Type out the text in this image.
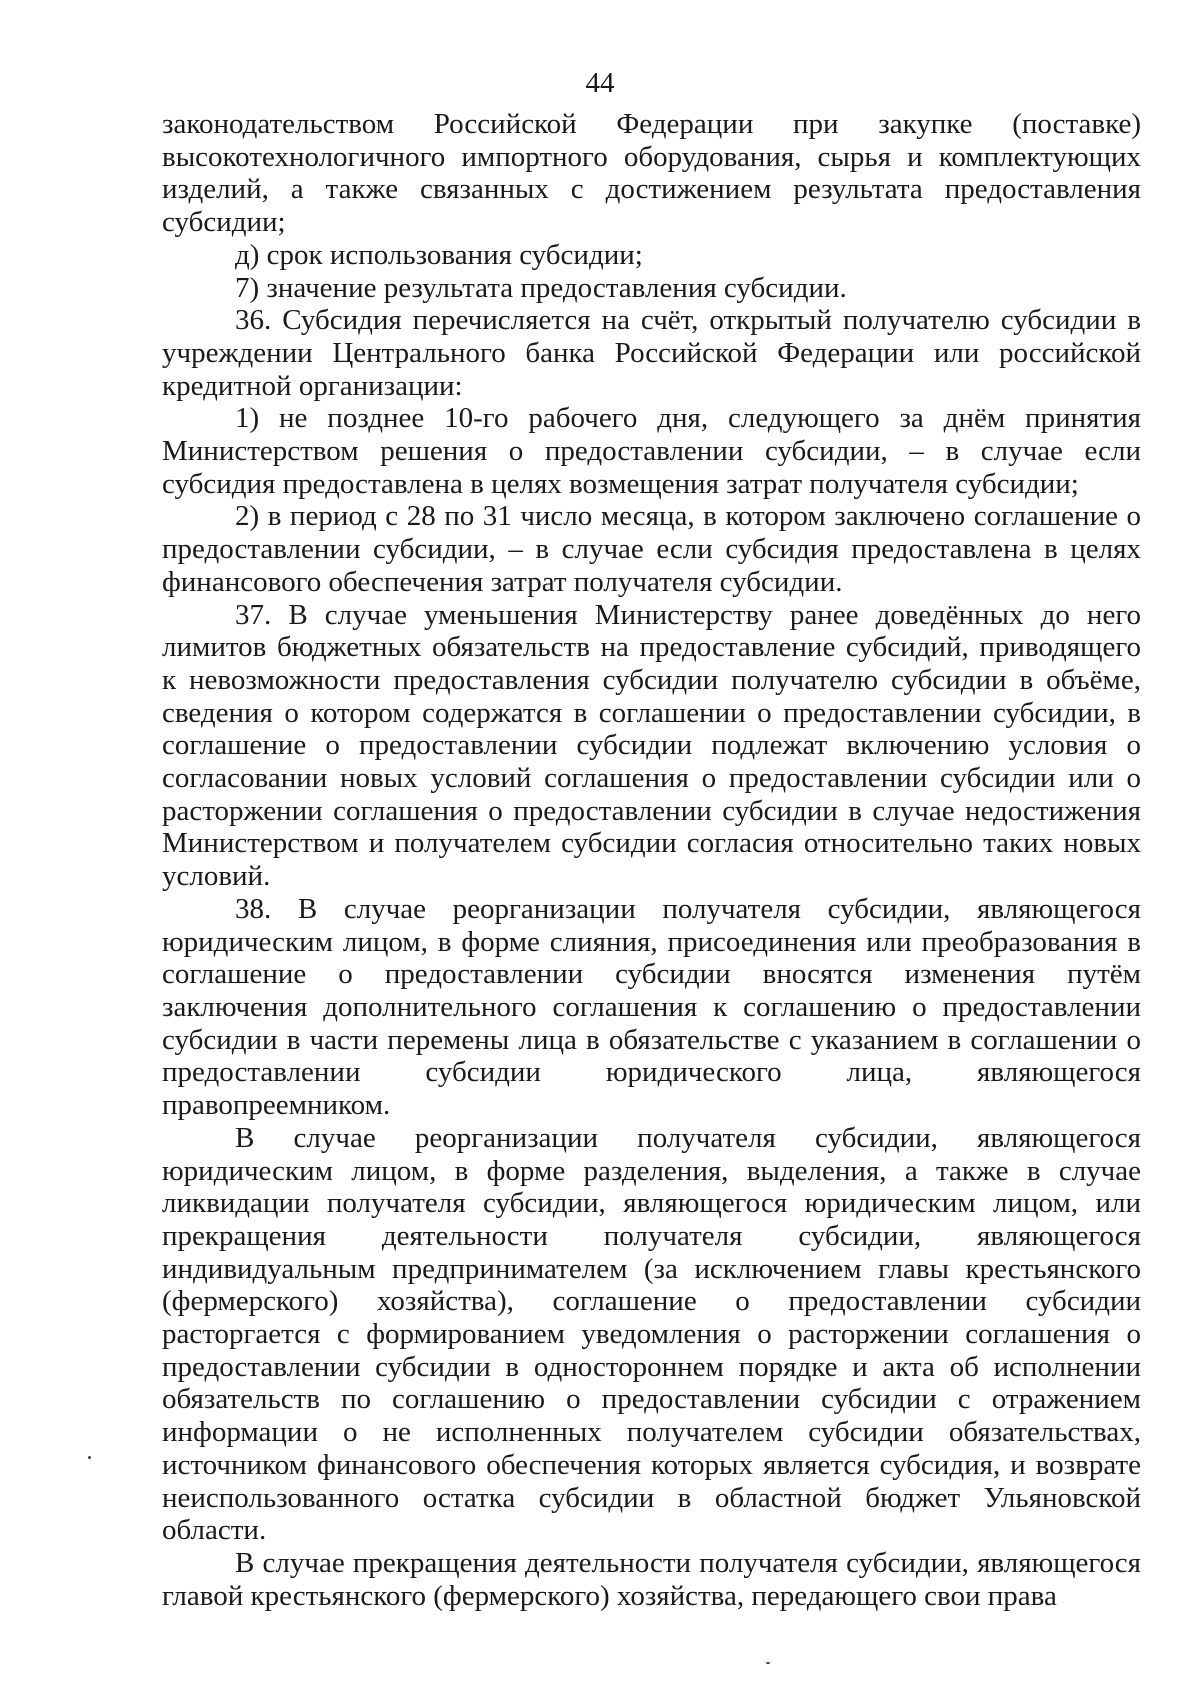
44

законодательством Российской Федерации при закупке (поставке) высокотехнологичного импортного оборудования, сырья и комплектующих изделий, а также связанных с достижением результата предоставления субсидии;

д) срок использования субсидии;

7) значение результата предоставления субсидии.

36. Субсидия перечисляется на счёт, открытый получателю субсидии в учреждении Центрального банка Российской Федерации или российской кредитной организации:

1) не позднее 10-го рабочего дня, следующего за днём принятия Министерством решения о предоставлении субсидии, – в случае если субсидия предоставлена в целях возмещения затрат получателя субсидии;

2) в период с 28 по 31 число месяца, в котором заключено соглашение о предоставлении субсидии, – в случае если субсидия предоставлена в целях финансового обеспечения затрат получателя субсидии.

37. В случае уменьшения Министерству ранее доведённых до него лимитов бюджетных обязательств на предоставление субсидий, приводящего к невозможности предоставления субсидии получателю субсидии в объёме, сведения о котором содержатся в соглашении о предоставлении субсидии, в соглашение о предоставлении субсидии подлежат включению условия о согласовании новых условий соглашения о предоставлении субсидии или о расторжении соглашения о предоставлении субсидии в случае недостижения Министерством и получателем субсидии согласия относительно таких новых условий.

38. В случае реорганизации получателя субсидии, являющегося юридическим лицом, в форме слияния, присоединения или преобразования в соглашение о предоставлении субсидии вносятся изменения путём заключения дополнительного соглашения к соглашению о предоставлении субсидии в части перемены лица в обязательстве с указанием в соглашении о предоставлении субсидии юридического лица, являющегося правопреемником.

В случае реорганизации получателя субсидии, являющегося юридическим лицом, в форме разделения, выделения, а также в случае ликвидации получателя субсидии, являющегося юридическим лицом, или прекращения деятельности получателя субсидии, являющегося индивидуальным предпринимателем (за исключением главы крестьянского (фермерского) хозяйства), соглашение о предоставлении субсидии расторгается с формированием уведомления о расторжении соглашения о предоставлении субсидии в одностороннем порядке и акта об исполнении обязательств по соглашению о предоставлении субсидии с отражением информации о не исполненных получателем субсидии обязательствах, источником финансового обеспечения которых является субсидия, и возврате неиспользованного остатка субсидии в областной бюджет Ульяновской области.

В случае прекращения деятельности получателя субсидии, являющегося главой крестьянского (фермерского) хозяйства, передающего свои права
